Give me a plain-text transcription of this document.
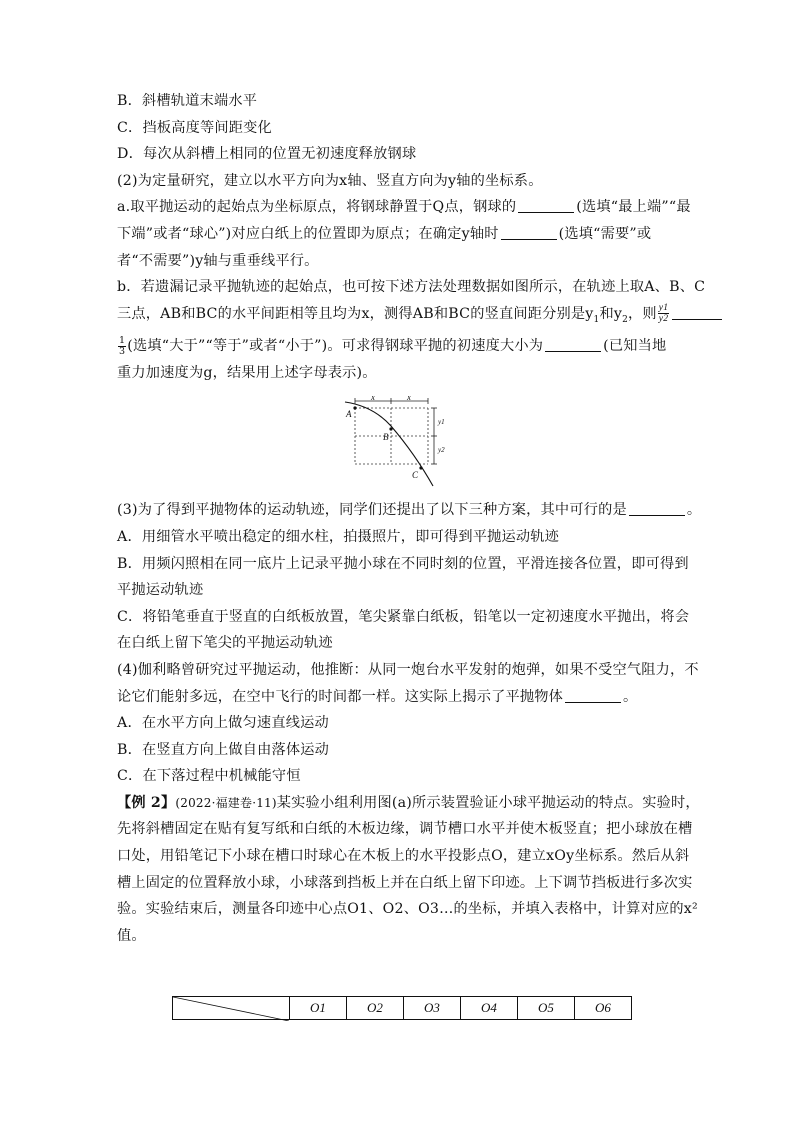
B．斜槽轨道末端水平
C．挡板高度等间距变化
D．每次从斜槽上相同的位置无初速度释放钢球
(2)为定量研究，建立以水平方向为x轴、竖直方向为y轴的坐标系。
a.取平抛运动的起始点为坐标原点，将钢球静置于Q点，钢球的	(选填“最上端”“最
下端”或者“球心”)对应白纸上的位置即为原点；在确定y轴时	(选填“需要”或
者“不需要”)y轴与重垂线平行。
b．若遗漏记录平抛轨迹的起始点，也可按下述方法处理数据如图所示，在轨迹上取A、B、C
三点，AB和BC的水平间距相等且均为x，测得AB和BC的竖直间距分别是$y_1$和$y_2$，则 $\frac{y1}{y2}$
$\frac{1}{3}$ (选填“大于”“等于”或者“小于”)。可求得钢球平抛的初速度大小为	(已知当地
重力加速度为g，结果用上述字母表示)。
A
B
C
x	x
y1
y2
(3)为了得到平抛物体的运动轨迹，同学们还提出了以下三种方案，其中可行的是	。
A．用细管水平喷出稳定的细水柱，拍摄照片，即可得到平抛运动轨迹
B．用频闪照相在同一底片上记录平抛小球在不同时刻的位置，平滑连接各位置，即可得到
平抛运动轨迹
C．将铅笔垂直于竖直的白纸板放置，笔尖紧靠白纸板，铅笔以一定初速度水平抛出，将会
在白纸上留下笔尖的平抛运动轨迹
(4)伽利略曾研究过平抛运动，他推断：从同一炮台水平发射的炮弹，如果不受空气阻力，不
论它们能射多远，在空中飞行的时间都一样。这实际上揭示了平抛物体	。
A．在水平方向上做匀速直线运动
B．在竖直方向上做自由落体运动
C．在下落过程中机械能守恒
【例 2】(2022·福建卷·11)某实验小组利用图(a)所示装置验证小球平抛运动的特点。实验时，
先将斜槽固定在贴有复写纸和白纸的木板边缘，调节槽口水平并使木板竖直；把小球放在槽
口处，用铅笔记下小球在槽口时球心在木板上的水平投影点O，建立xOy坐标系。然后从斜
槽上固定的位置释放小球，小球落到挡板上并在白纸上留下印迹。上下调节挡板进行多次实
验。实验结束后，测量各印迹中心点O1、O2、O3…的坐标，并填入表格中，计算对应的x²
值。
	O1	O2	O3	O4	O5	O6
